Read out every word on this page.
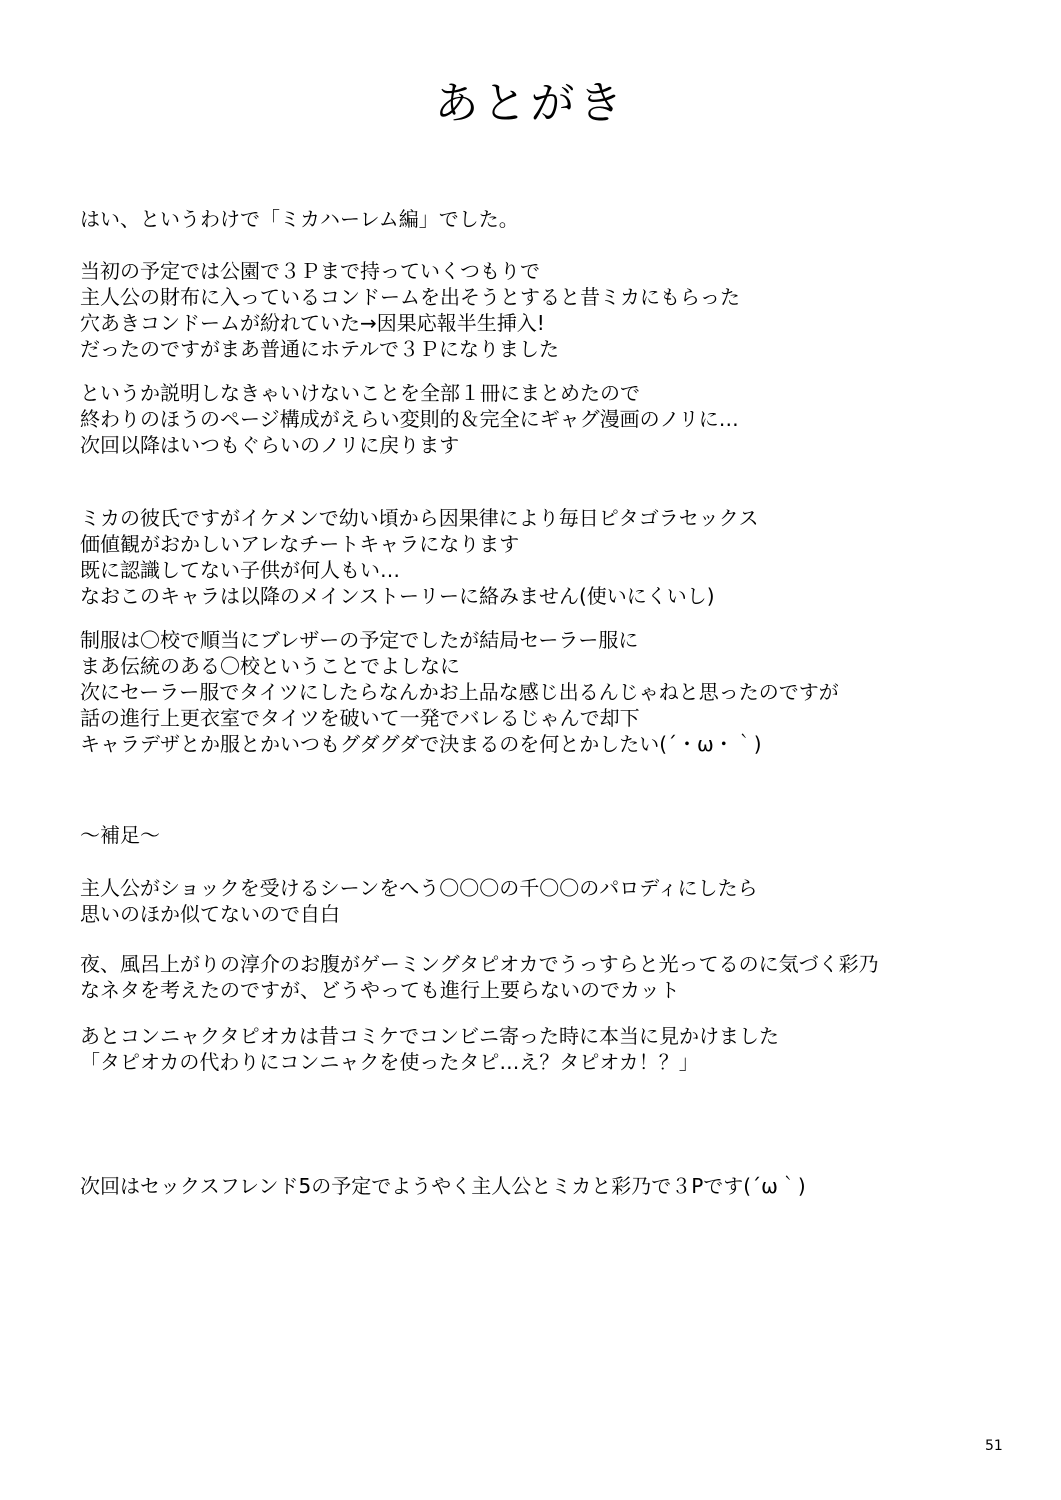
あとがき
はい、というわけで「ミカハーレム編」でした。
当初の予定では公園で３Ｐまで持っていくつもりで
主人公の財布に入っているコンドームを出そうとすると昔ミカにもらった
穴あきコンドームが紛れていた→因果応報半生挿入!
だったのですがまあ普通にホテルで３Ｐになりました
というか説明しなきゃいけないことを全部１冊にまとめたので
終わりのほうのページ構成がえらい変則的＆完全にギャグ漫画のノリに…
次回以降はいつもぐらいのノリに戻ります
ミカの彼氏ですがイケメンで幼い頃から因果律により毎日ピタゴラセックス
価値観がおかしいアレなチートキャラになります
既に認識してない子供が何人もい…
なおこのキャラは以降のメインストーリーに絡みません(使いにくいし)
制服は〇校で順当にブレザーの予定でしたが結局セーラー服に
まあ伝統のある〇校ということでよしなに
次にセーラー服でタイツにしたらなんかお上品な感じ出るんじゃねと思ったのですが
話の進行上更衣室でタイツを破いて一発でバレるじゃんで却下
キャラデザとか服とかいつもグダグダで決まるのを何とかしたい(´・ω・｀)
～補足～
主人公がショックを受けるシーンをへう〇〇〇の千〇〇のパロディにしたら
思いのほか似てないので自白
夜、風呂上がりの淳介のお腹がゲーミングタピオカでうっすらと光ってるのに気づく彩乃
なネタを考えたのですが、どうやっても進行上要らないのでカット
あとコンニャクタピオカは昔コミケでコンビニ寄った時に本当に見かけました
「タピオカの代わりにコンニャクを使ったタピ…え？タピオカ！？」
次回はセックスフレンド5の予定でようやく主人公とミカと彩乃で３Pです(´ω｀)
51
